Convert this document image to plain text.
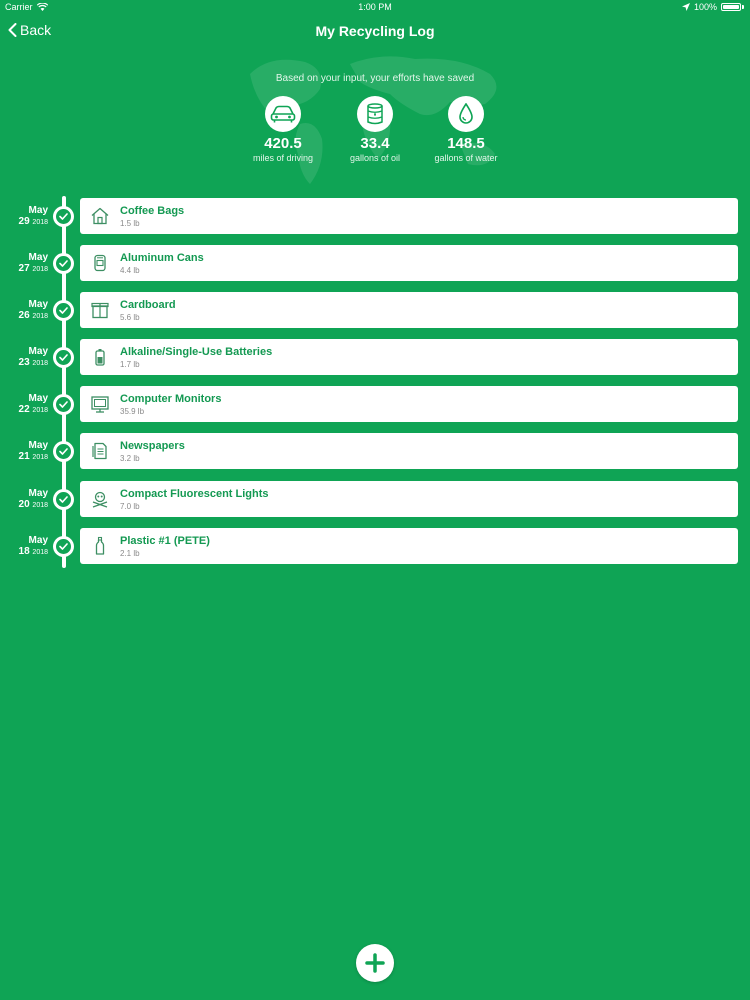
Carrier	1:00 PM	100%
Back	My Recycling Log
Based on your input, your efforts have saved
420.5
miles of driving
33.4
gallons of oil
148.5
gallons of water
May
29 2018
Coffee Bags
1.5 lb
May
27 2018
Aluminum Cans
4.4 lb
May
26 2018
Cardboard
5.6 lb
May
23 2018
Alkaline/Single-Use Batteries
1.7 lb
May
22 2018
Computer Monitors
35.9 lb
May
21 2018
Newspapers
3.2 lb
May
20 2018
Compact Fluorescent Lights
7.0 lb
May
18 2018
Plastic #1 (PETE)
2.1 lb
